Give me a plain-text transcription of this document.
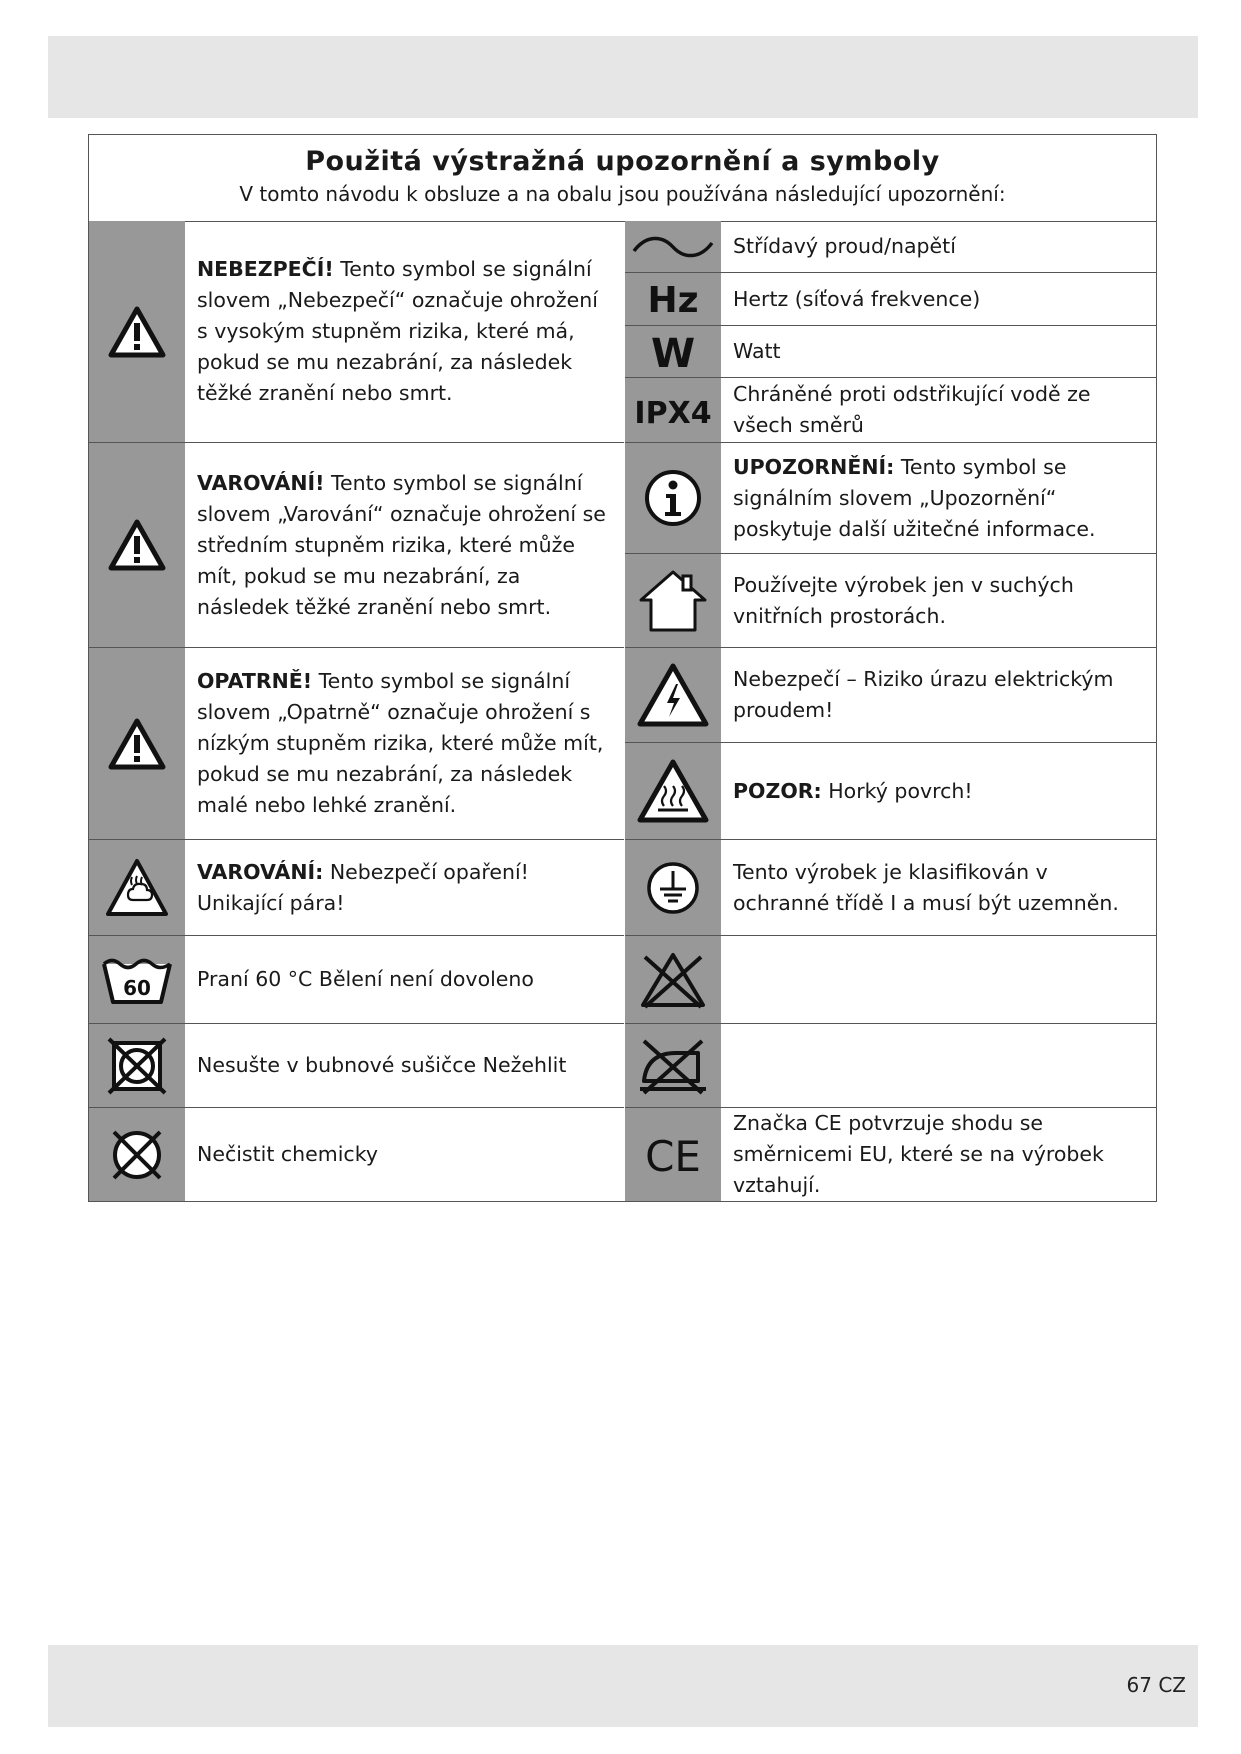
Použitá výstražná upozornění a symboly
V tomto návodu k obsluze a na obalu jsou používána následující upozornění:
NEBEZPEČÍ! Tento symbol se signální slovem „Nebezpečí“ označuje ohrožení s vysokým stupněm rizika, které má, pokud se mu nezabrání, za následek těžké zranění nebo smrt.
VAROVÁNÍ! Tento symbol se signální slovem „Varování“ označuje ohrožení se středním stupněm rizika, které může mít, pokud se mu nezabrání, za následek těžké zranění nebo smrt.
OPATRNĚ! Tento symbol se signální slovem „Opatrně“ označuje ohrožení s nízkým stupněm rizika, které může mít, pokud se mu nezabrání, za následek malé nebo lehké zranění.
VAROVÁNÍ: Nebezpečí opaření! Unikající pára!
60 Praní 60 °C Bělení není dovoleno
Nesušte v bubnové sušičce Nežehlit
Nečistit chemicky
Střídavý proud/napětí
Hz Hertz (síťová frekvence)
W Watt
IPX4
Chráněné proti odstřikující vodě ze všech směrů
UPOZORNĚNÍ: Tento symbol se signálním slovem „Upozornění“ poskytuje další užitečné informace.
Používejte výrobek jen v suchých vnitřních prostorách.
Nebezpečí – Riziko úrazu elektrickým proudem!
POZOR: Horký povrch!
Tento výrobek je klasifikován v ochranné třídě I a musí být uzemněn.
CE
Značka CE potvrzuje shodu se směrnicemi EU, které se na výrobek vztahují.
67 CZ
